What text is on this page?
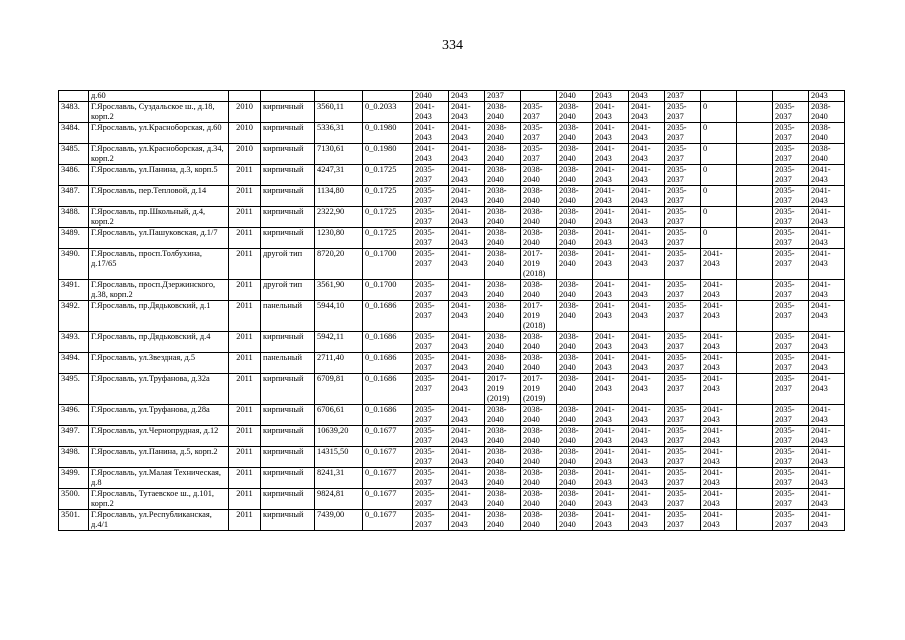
334
	д.60					2040	2043	2037		2040	2043	2043	2037				2043
3483.	Г.Ярославль, Суздальское ш., д.18, корп.2	2010	кирпичный	3560,11	0_0.2033	2041- 2043	2041- 2043	2038- 2040	2035- 2037	2038- 2040	2041- 2043	2041- 2043	2035- 2037	0		2035- 2037	2038- 2040
3484.	Г.Ярославль, ул.Красноборская, д.60	2010	кирпичный	5336,31	0_0.1980	2041- 2043	2041- 2043	2038- 2040	2035- 2037	2038- 2040	2041- 2043	2041- 2043	2035- 2037	0		2035- 2037	2038- 2040
3485.	Г.Ярославль, ул.Красноборская, д.34, корп.2	2010	кирпичный	7130,61	0_0.1980	2041- 2043	2041- 2043	2038- 2040	2035- 2037	2038- 2040	2041- 2043	2041- 2043	2035- 2037	0		2035- 2037	2038- 2040
3486.	Г.Ярославль, ул.Панина, д.3, корп.5	2011	кирпичный	4247,31	0_0.1725	2035- 2037	2041- 2043	2038- 2040	2038- 2040	2038- 2040	2041- 2043	2041- 2043	2035- 2037	0		2035- 2037	2041- 2043
3487.	Г.Ярославль, пер.Тепловой, д.14	2011	кирпичный	1134,80	0_0.1725	2035- 2037	2041- 2043	2038- 2040	2038- 2040	2038- 2040	2041- 2043	2041- 2043	2035- 2037	0		2035- 2037	2041- 2043
3488.	Г.Ярославль, пр.Школьный, д.4, корп.2	2011	кирпичный	2322,90	0_0.1725	2035- 2037	2041- 2043	2038- 2040	2038- 2040	2038- 2040	2041- 2043	2041- 2043	2035- 2037	0		2035- 2037	2041- 2043
3489.	Г.Ярославль, ул.Пашуковская, д.1/7	2011	кирпичный	1230,80	0_0.1725	2035- 2037	2041- 2043	2038- 2040	2038- 2040	2038- 2040	2041- 2043	2041- 2043	2035- 2037	0		2035- 2037	2041- 2043
3490.	Г.Ярославль, просп.Толбухина, д.17/65	2011	другой тип	8720,20	0_0.1700	2035- 2037	2041- 2043	2038- 2040	2017- 2019 (2018)	2038- 2040	2041- 2043	2041- 2043	2035- 2037	2041- 2043		2035- 2037	2041- 2043
3491.	Г.Ярославль, просп.Дзержинского, д.38, корп.2	2011	другой тип	3561,90	0_0.1700	2035- 2037	2041- 2043	2038- 2040	2038- 2040	2038- 2040	2041- 2043	2041- 2043	2035- 2037	2041- 2043		2035- 2037	2041- 2043
3492.	Г.Ярославль, пр.Дядьковский, д.1	2011	панельный	5944,10	0_0.1686	2035- 2037	2041- 2043	2038- 2040	2017- 2019 (2018)	2038- 2040	2041- 2043	2041- 2043	2035- 2037	2041- 2043		2035- 2037	2041- 2043
3493.	Г.Ярославль, пр.Дядьковский, д.4	2011	кирпичный	5942,11	0_0.1686	2035- 2037	2041- 2043	2038- 2040	2038- 2040	2038- 2040	2041- 2043	2041- 2043	2035- 2037	2041- 2043		2035- 2037	2041- 2043
3494.	Г.Ярославль, ул.Звездная, д.5	2011	панельный	2711,40	0_0.1686	2035- 2037	2041- 2043	2038- 2040	2038- 2040	2038- 2040	2041- 2043	2041- 2043	2035- 2037	2041- 2043		2035- 2037	2041- 2043
3495.	Г.Ярославль, ул.Труфанова, д.32а	2011	кирпичный	6709,81	0_0.1686	2035- 2037	2041- 2043	2017- 2019 (2019)	2017- 2019 (2019)	2038- 2040	2041- 2043	2041- 2043	2035- 2037	2041- 2043		2035- 2037	2041- 2043
3496.	Г.Ярославль, ул.Труфанова, д.28а	2011	кирпичный	6706,61	0_0.1686	2035- 2037	2041- 2043	2038- 2040	2038- 2040	2038- 2040	2041- 2043	2041- 2043	2035- 2037	2041- 2043		2035- 2037	2041- 2043
3497.	Г.Ярославль, ул.Чернопрудная, д.12	2011	кирпичный	10639,20	0_0.1677	2035- 2037	2041- 2043	2038- 2040	2038- 2040	2038- 2040	2041- 2043	2041- 2043	2035- 2037	2041- 2043		2035- 2037	2041- 2043
3498.	Г.Ярославль, ул.Панина, д.5, корп.2	2011	кирпичный	14315,50	0_0.1677	2035- 2037	2041- 2043	2038- 2040	2038- 2040	2038- 2040	2041- 2043	2041- 2043	2035- 2037	2041- 2043		2035- 2037	2041- 2043
3499.	Г.Ярославль, ул.Малая Техническая, д.8	2011	кирпичный	8241,31	0_0.1677	2035- 2037	2041- 2043	2038- 2040	2038- 2040	2038- 2040	2041- 2043	2041- 2043	2035- 2037	2041- 2043		2035- 2037	2041- 2043
3500.	Г.Ярославль, Тутаевское ш., д.101, корп.2	2011	кирпичный	9824,81	0_0.1677	2035- 2037	2041- 2043	2038- 2040	2038- 2040	2038- 2040	2041- 2043	2041- 2043	2035- 2037	2041- 2043		2035- 2037	2041- 2043
3501.	Г.Ярославль, ул.Республиканская, д.4/1	2011	кирпичный	7439,00	0_0.1677	2035- 2037	2041- 2043	2038- 2040	2038- 2040	2038- 2040	2041- 2043	2041- 2043	2035- 2037	2041- 2043		2035- 2037	2041- 2043
